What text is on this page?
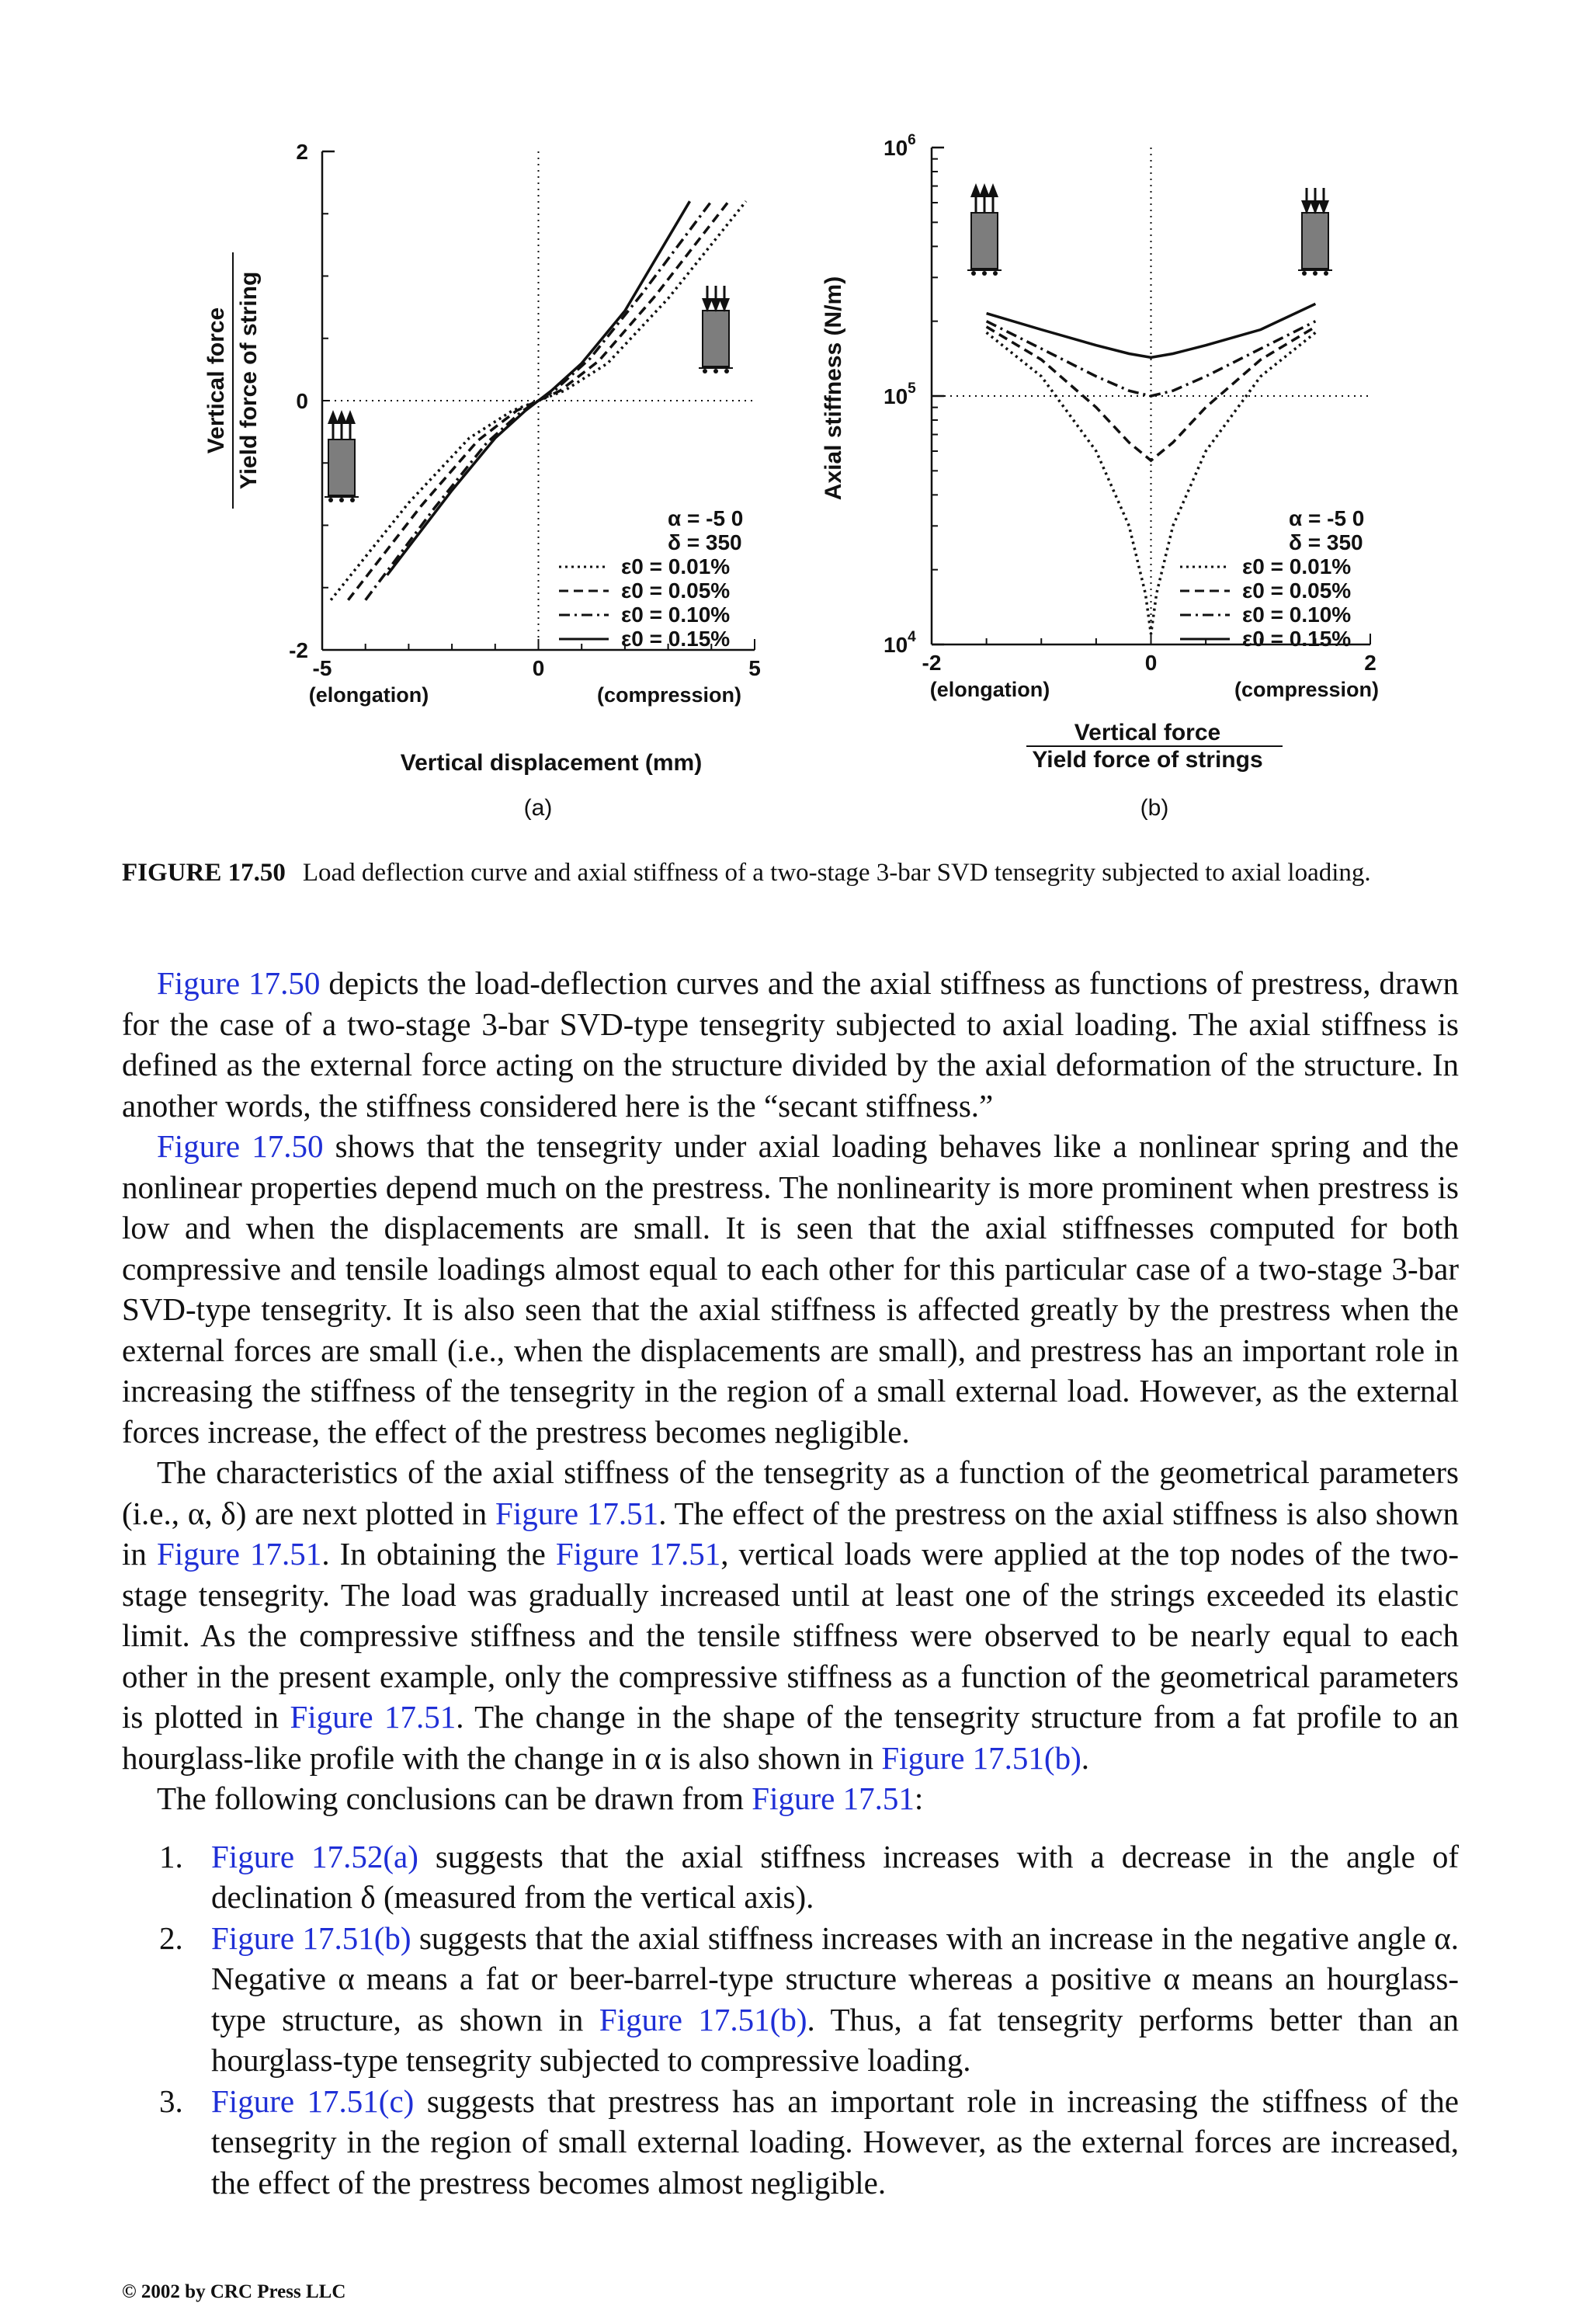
2
0
-2
-5	0	5
(elongation)	(compression)
Vertical displacement (mm)
Vertical force Yield force of string
α = -5 0
δ = 350
ε0 = 0.01%
ε0 = 0.05%
ε0 = 0.10%
ε0 = 0.15%
(a)
$10^6$
$10^5$
$10^4$
-2	0	2
(elongation)	(compression)
Vertical force
Yield force of strings
Axial stiffness (N/m)
α = -5 0
δ = 350
ε0 = 0.01%
ε0 = 0.05%
ε0 = 0.10%
ε0 = 0.15%
(b)
FIGURE 17.50 Load deflection curve and axial stiffness of a two-stage 3-bar SVD tensegrity subjected to axial loading.

Figure 17.50 depicts the load-deflection curves and the axial stiffness as functions of prestress, drawn for the case of a two-stage 3-bar SVD-type tensegrity subjected to axial loading. The axial stiffness is defined as the external force acting on the structure divided by the axial deformation of the structure. In another words, the stiffness considered here is the “secant stiffness.”

Figure 17.50 shows that the tensegrity under axial loading behaves like a nonlinear spring and the nonlinear properties depend much on the prestress. The nonlinearity is more prominent when prestress is low and when the displacements are small. It is seen that the axial stiffnesses computed for both compressive and tensile loadings almost equal to each other for this particular case of a two-stage 3-bar SVD-type tensegrity. It is also seen that the axial stiffness is affected greatly by the prestress when the external forces are small (i.e., when the displacements are small), and prestress has an important role in increasing the stiffness of the tensegrity in the region of a small external load. However, as the external forces increase, the effect of the prestress becomes negligible.

The characteristics of the axial stiffness of the tensegrity as a function of the geometrical parameters (i.e., α, δ) are next plotted in Figure 17.51. The effect of the prestress on the axial stiffness is also shown in Figure 17.51. In obtaining the Figure 17.51, vertical loads were applied at the top nodes of the two-stage tensegrity. The load was gradually increased until at least one of the strings exceeded its elastic limit. As the compressive stiffness and the tensile stiffness were observed to be nearly equal to each other in the present example, only the compressive stiffness as a function of the geometrical parameters is plotted in Figure 17.51. The change in the shape of the tensegrity structure from a fat profile to an hourglass-like profile with the change in α is also shown in Figure 17.51(b).

The following conclusions can be drawn from Figure 17.51:

1. Figure 17.52(a) suggests that the axial stiffness increases with a decrease in the angle of declination δ (measured from the vertical axis).
2. Figure 17.51(b) suggests that the axial stiffness increases with an increase in the negative angle α. Negative α means a fat or beer-barrel-type structure whereas a positive α means an hourglass-type structure, as shown in Figure 17.51(b). Thus, a fat tensegrity performs better than an hourglass-type tensegrity subjected to compressive loading.
3. Figure 17.51(c) suggests that prestress has an important role in increasing the stiffness of the tensegrity in the region of small external loading. However, as the external forces are increased, the effect of the prestress becomes almost negligible.
© 2002 by CRC Press LLC
